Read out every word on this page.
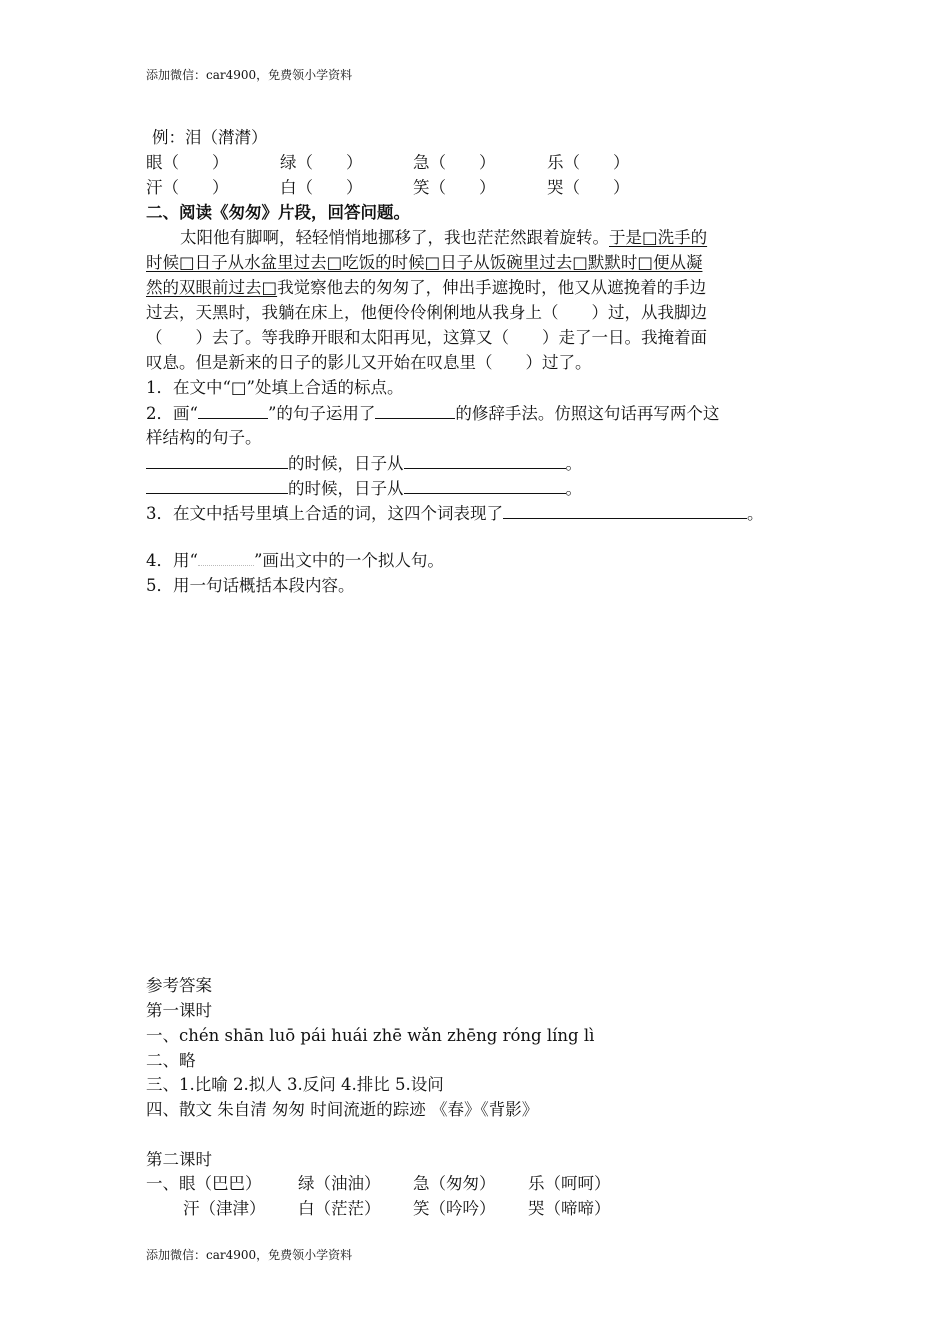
添加微信：car4900，免费领小学资料
例：泪（潸潸）
眼（　　）	绿（　　）	急（　　）	乐（　　）
汗（　　）	白（　　）	笑（　　）	哭（　　）
二、阅读《匆匆》片段，回答问题。
太阳他有脚啊，轻轻悄悄地挪移了，我也茫茫然跟着旋转。于是□洗手的
时候□日子从水盆里过去□吃饭的时候□日子从饭碗里过去□默默时□便从凝
然的双眼前过去□我觉察他去的匆匆了，伸出手遮挽时，他又从遮挽着的手边
过去，天黑时，我躺在床上，他便伶伶俐俐地从我身上（　　）过，从我脚边
（　　）去了。等我睁开眼和太阳再见，这算又（　　）走了一日。我掩着面
叹息。但是新来的日子的影儿又开始在叹息里（　　）过了。
1．在文中“□”处填上合适的标点。
2．画“	”的句子运用了	的修辞手法。仿照这句话再写两个这
样结构的句子。
的时候，日子从	。
的时候，日子从	。
3．在文中括号里填上合适的词，这四个词表现了	。
4．用“	”画出文中的一个拟人句。
5．用一句话概括本段内容。
参考答案
第一课时
一、chén shān luō pái huái zhē wǎn zhēng róng líng lì
二、略
三、1.比喻 2.拟人 3.反问 4.排比 5.设问
四、散文 朱自清 匆匆 时间流逝的踪迹 《春》《背影》
第二课时
一、眼（巴巴） 绿（油油） 急（匆匆） 乐（呵呵）
汗（津津） 白（茫茫） 笑（吟吟） 哭（啼啼）
添加微信：car4900，免费领小学资料
